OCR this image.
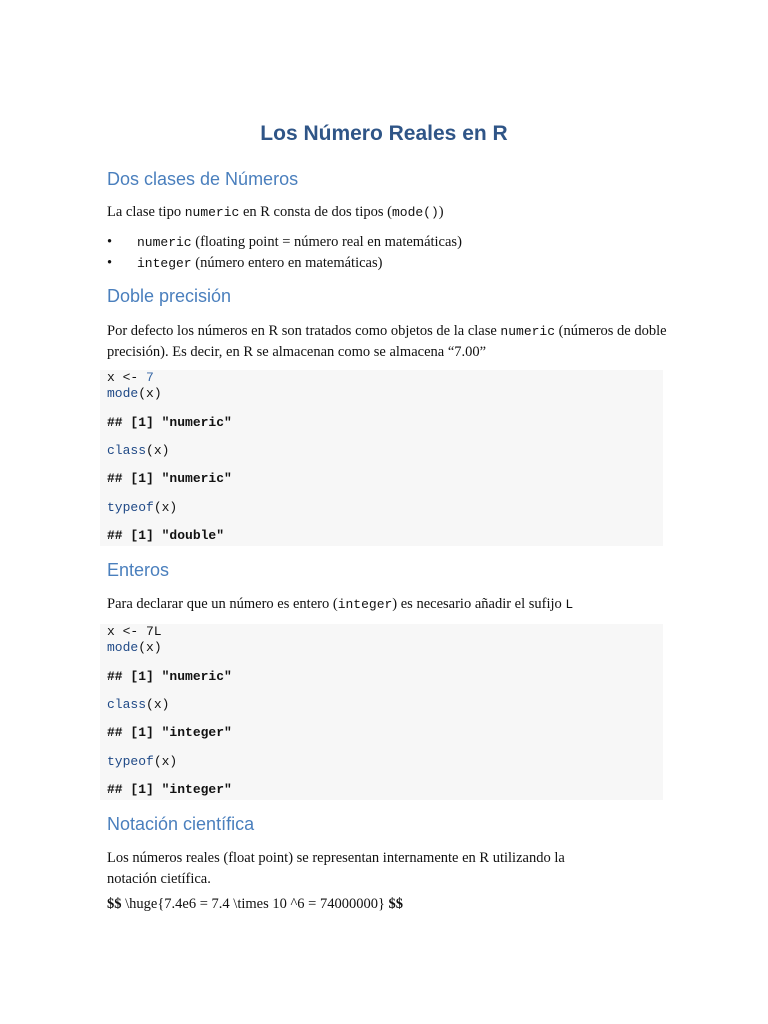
Los Número Reales en R
Dos clases de Números
La clase tipo numeric en R consta de dos tipos (mode())
• numeric (floating point = número real en matemáticas)
• integer (número entero en matemáticas)
Doble precisión
Por defecto los números en R son tratados como objetos de la clase numeric (números de doble precisión). Es decir, en R se almacenan como se almacena “7.00”
x <- 7
mode(x)
## [1] "numeric"
class(x)
## [1] "numeric"
typeof(x)
## [1] "double"
Enteros
Para declarar que un número es entero (integer) es necesario añadir el sufijo L
x <- 7L
mode(x)
## [1] "numeric"
class(x)
## [1] "integer"
typeof(x)
## [1] "integer"
Notación científica
Los números reales (float point) se representan internamente en R utilizando la
notación cietífica.
$$ \huge{7.4e6 = 7.4 \times 10 ^6 = 74000000} $$
